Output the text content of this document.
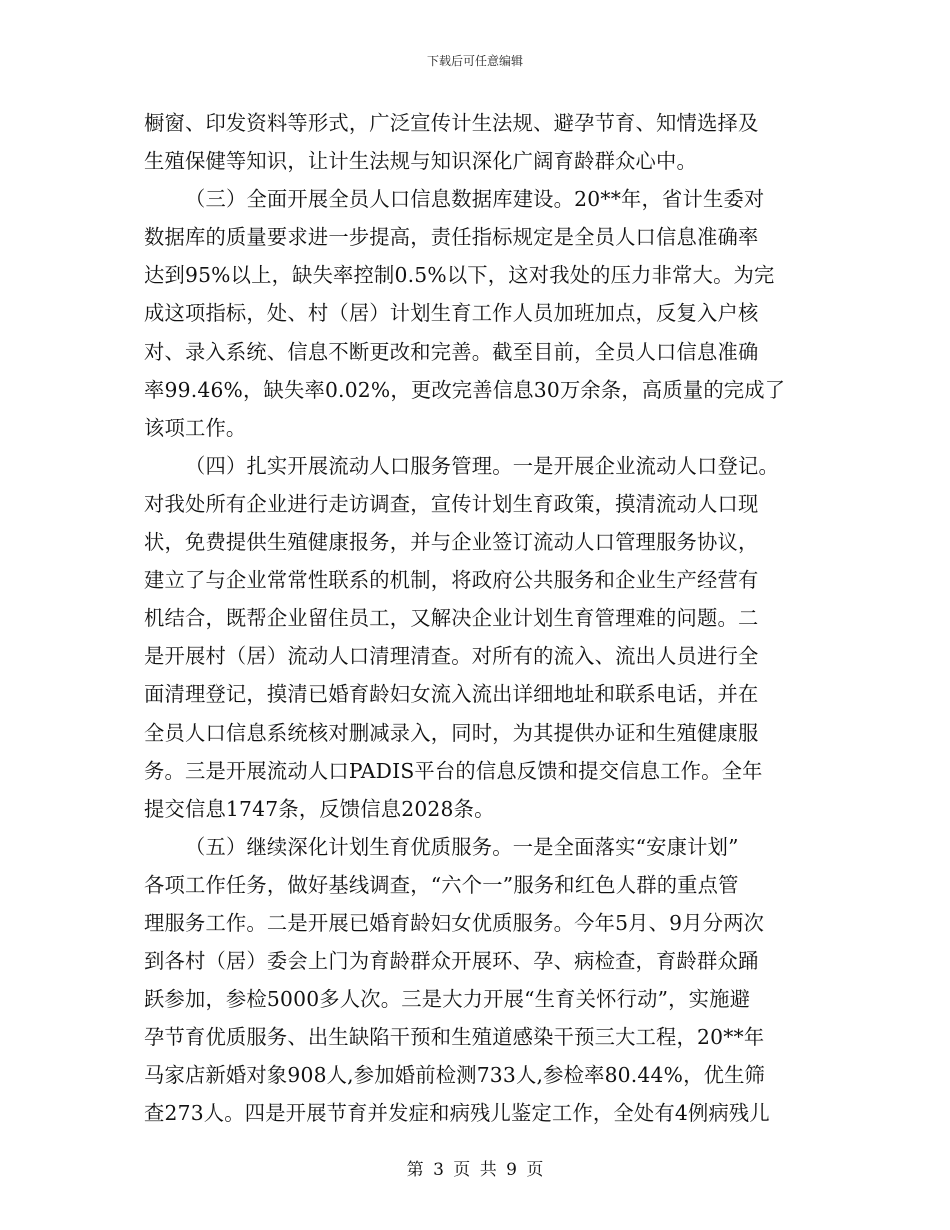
下载后可任意编辑
橱窗、印发资料等形式，广泛宣传计生法规、避孕节育、知情选择及
生殖保健等知识，让计生法规与知识深化广阔育龄群众心中。
（三）全面开展全员人口信息数据库建设。20**年，省计生委对
数据库的质量要求进一步提高，责任指标规定是全员人口信息准确率
达到95%以上，缺失率控制0.5%以下，这对我处的压力非常大。为完
成这项指标，处、村（居）计划生育工作人员加班加点，反复入户核
对、录入系统、信息不断更改和完善。截至目前，全员人口信息准确
率99.46%，缺失率0.02%，更改完善信息30万余条，高质量的完成了
该项工作。
（四）扎实开展流动人口服务管理。一是开展企业流动人口登记。
对我处所有企业进行走访调查，宣传计划生育政策，摸清流动人口现
状，免费提供生殖健康报务，并与企业签订流动人口管理服务协议，
建立了与企业常常性联系的机制，将政府公共服务和企业生产经营有
机结合，既帮企业留住员工，又解决企业计划生育管理难的问题。二
是开展村（居）流动人口清理清查。对所有的流入、流出人员进行全
面清理登记，摸清已婚育龄妇女流入流出详细地址和联系电话，并在
全员人口信息系统核对删减录入，同时，为其提供办证和生殖健康服
务。三是开展流动人口PADIS平台的信息反馈和提交信息工作。全年
提交信息1747条，反馈信息2028条。
（五）继续深化计划生育优质服务。一是全面落实“安康计划”
各项工作任务，做好基线调查，“六个一”服务和红色人群的重点管
理服务工作。二是开展已婚育龄妇女优质服务。今年5月、9月分两次
到各村（居）委会上门为育龄群众开展环、孕、病检查，育龄群众踊
跃参加，参检5000多人次。三是大力开展“生育关怀行动”，实施避
孕节育优质服务、出生缺陷干预和生殖道感染干预三大工程，20**年
马家店新婚对象908人,参加婚前检测733人,参检率80.44%，优生筛
查273人。四是开展节育并发症和病残儿鉴定工作，全处有4例病残儿
第 3 页 共 9 页
